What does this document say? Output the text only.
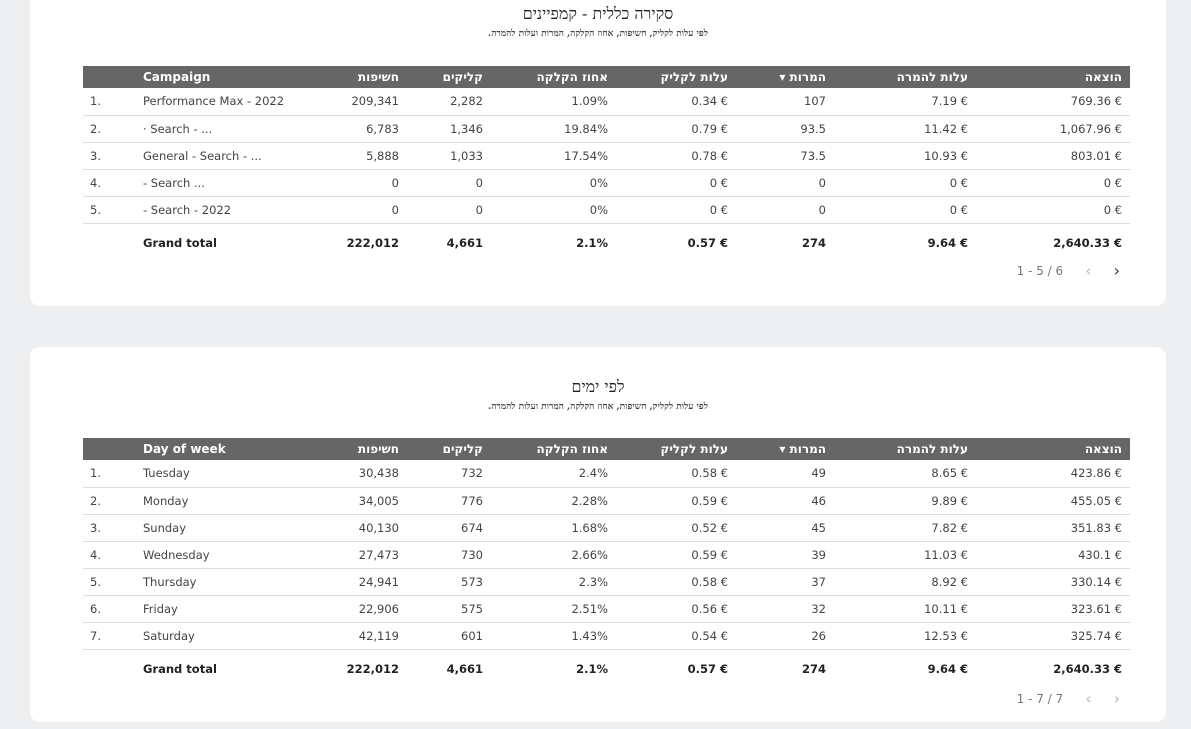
סקירה כללית - קמפיינים
.לפי עלות לקליק, חשיפות, אחוז הקלקה, המרות ועלות להמרה
	Campaign	חשיפות	קליקים	אחוז הקלקה	עלות לקליק	▾ המרות	עלות להמרה	הוצאה
1.	Performance Max - 2022	209,341	2,282	1.09%	0.34 €	107	7.19 €	769.36 €
2.	· Search - ...	6,783	1,346	19.84%	0.79 €	93.5	11.42 €	1,067.96 €
3.	General - Search - ...	5,888	1,033	17.54%	0.78 €	73.5	10.93 €	803.01 €
4.	- Search ...	0	0	0%	0 €	0	0 €	0 €
5.	- Search - 2022	0	0	0%	0 €	0	0 €	0 €
	Grand total	222,012	4,661	2.1%	0.57 €	274	9.64 €	2,640.33 €
1 - 5 / 6 ‹ ›
לפי ימים
.לפי עלות לקליק, חשיפות, אחוז הקלקה, המרות ועלות להמרה
	Day of week	חשיפות	קליקים	אחוז הקלקה	עלות לקליק	▾ המרות	עלות להמרה	הוצאה
1.	Tuesday	30,438	732	2.4%	0.58 €	49	8.65 €	423.86 €
2.	Monday	34,005	776	2.28%	0.59 €	46	9.89 €	455.05 €
3.	Sunday	40,130	674	1.68%	0.52 €	45	7.82 €	351.83 €
4.	Wednesday	27,473	730	2.66%	0.59 €	39	11.03 €	430.1 €
5.	Thursday	24,941	573	2.3%	0.58 €	37	8.92 €	330.14 €
6.	Friday	22,906	575	2.51%	0.56 €	32	10.11 €	323.61 €
7.	Saturday	42,119	601	1.43%	0.54 €	26	12.53 €	325.74 €
	Grand total	222,012	4,661	2.1%	0.57 €	274	9.64 €	2,640.33 €
1 - 7 / 7 ‹ ›
